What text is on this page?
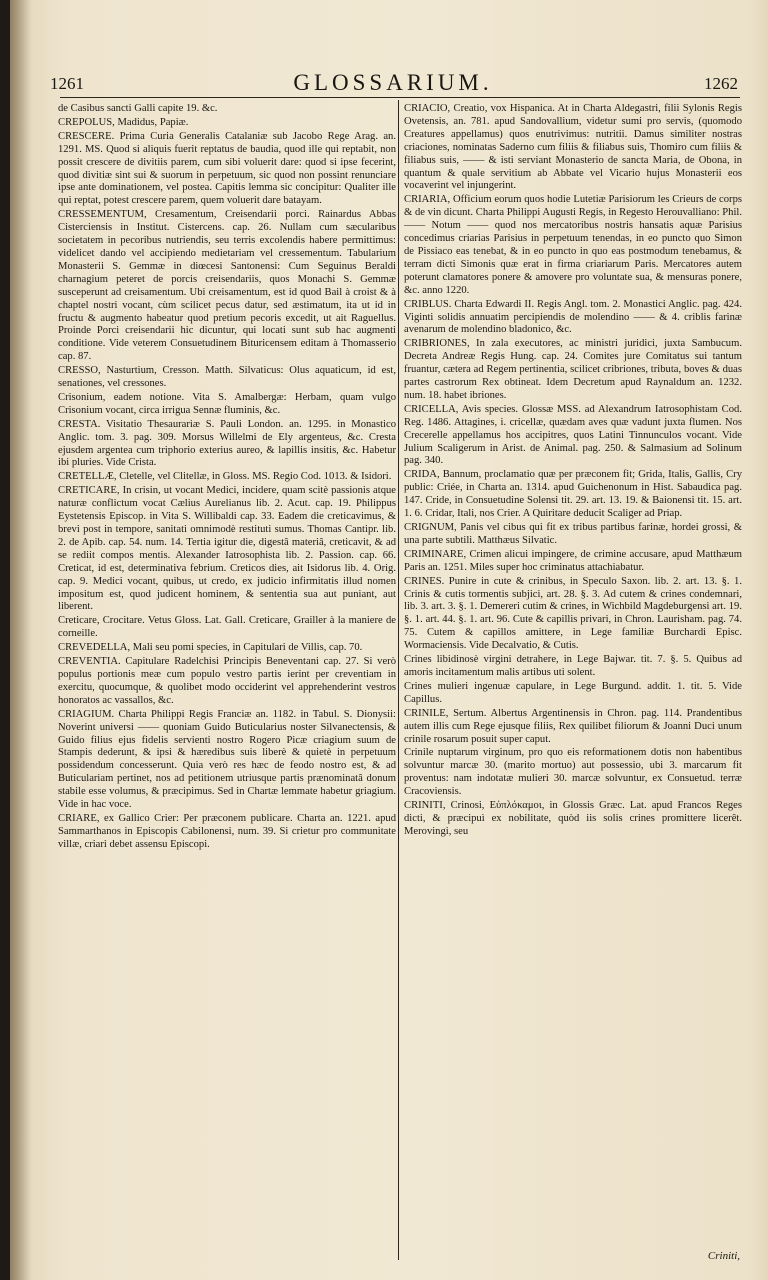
1261	GLOSSARIUM.	1262

de Casibus sancti Galli capite 19. &c.

CREPOLUS, Madidus, Papiæ.

CRESCERE. Prima Curia Generalis Catalaniæ sub Jacobo Rege Arag. an. 1291. MS. Quod si aliquis fuerit reptatus de baudia, quod ille qui reptabit, non possit crescere de divitiis parem, cum sibi voluerit dare: quod si ipse fecerint, quod divitiæ sint sui & suorum in perpetuum, sic quod non possint renunciare ipse ante dominationem, vel postea. Capitis lemma sic concipitur: Qualiter ille qui reptat, potest crescere parem, quem voluerit dare batayam.

CRESSEMENTUM, Cresamentum, Creisendarii porci. Rainardus Abbas Cisterciensis in Institut. Cistercens. cap. 26. Nullam cum sæcularibus societatem in pecoribus nutriendis, seu terris excolendis habere permittimus: videlicet dando vel accipiendo medietariam vel cressementum. Tabularium Monasterii S. Gemmæ in diœcesi Santonensi: Cum Seguinus Beraldi charnagium peteret de porcis creisendariis, quos Monachi S. Gemmæ susceperunt ad creisamentum. Ubi creisamentum, est id quod Bail à croist & à chaptel nostri vocant, cùm scilicet pecus datur, sed æstimatum, ita ut id in fructu & augmento habeatur quod pretium pecoris excedit, ut ait Raguellus. Proinde Porci creisendarii hic dicuntur, qui locati sunt sub hac augmenti conditione. Vide veterem Consuetudinem Bituricensem editam à Thomasserio cap. 87.

CRESSO, Nasturtium, Cresson. Matth. Silvaticus: Olus aquaticum, id est, senationes, vel cressones.

Crisonium, eadem notione. Vita S. Amalbergæ: Herbam, quam vulgo Crisonium vocant, circa irrigua Sennæ fluminis, &c.

CRESTA. Visitatio Thesaurariæ S. Pauli London. an. 1295. in Monastico Anglic. tom. 3. pag. 309. Morsus Willelmi de Ely argenteus, &c. Cresta ejusdem argentea cum triphorio exterius aureo, & lapillis insitis, &c. Habetur ibi pluries. Vide Crista.

CRETELLÆ, Cletelle, vel Clitellæ, in Gloss. MS. Regio Cod. 1013. & Isidori.

CRETICARE, In crisin, ut vocant Medici, incidere, quam scitè passionis atque naturæ conflictum vocat Cælius Aurelianus lib. 2. Acut. cap. 19. Philippus Eystetensis Episcop. in Vita S. Willibaldi cap. 33. Eadem die creticavimus, & brevi post in tempore, sanitati omnimodè restituti sumus. Thomas Cantipr. lib. 2. de Apib. cap. 54. num. 14. Tertia igitur die, digestâ materiâ, creticavit, & ad se rediit compos mentis. Alexander Iatrosophista lib. 2. Passion. cap. 66. Creticat, id est, determinativa febrium. Creticos dies, ait Isidorus lib. 4. Orig. cap. 9. Medici vocant, quibus, ut credo, ex judicio infirmitatis illud nomen impositum est, quod judicent hominem, & sententia sua aut puniant, aut liberent.

Creticare, Crocitare. Vetus Gloss. Lat. Gall. Creticare, Grailler à la maniere de corneille.

CREVEDELLA, Mali seu pomi species, in Capitulari de Villis, cap. 70.

CREVENTIA. Capitulare Radelchisi Principis Beneventani cap. 27. Si verò populus portionis meæ cum populo vestro partis ierint per creventiam in exercitu, quocumque, & quolibet modo occiderint vel apprehenderint vestros honoratos ac vassallos, &c.

CRIAGIUM. Charta Philippi Regis Franciæ an. 1182. in Tabul. S. Dionysii: Noverint universi —— quoniam Guido Buticularius noster Silvanectensis, & Guido filius ejus fidelis servienti nostro Rogero Picæ criagium suum de Stampis dederunt, & ipsi & hæredibus suis liberè & quietè in perpetuum possidendum concesserunt. Quia verò res hæc de feodo nostro est, & ad Buticulariam pertinet, nos ad petitionem utriusque partis prænominatâ donum stabile esse volumus, & præcipimus. Sed in Chartæ lemmate habetur griagium. Vide in hac voce.

CRIARE, ex Gallico Crier: Per præconem publicare. Charta an. 1221. apud Sammarthanos in Episcopis Cabilonensi, num. 39. Si crietur pro communitate villæ, criari debet assensu Episcopi.

CRIACIO, Creatio, vox Hispanica. At in Charta Aldegastri, filii Sylonis Regis Ovetensis, an. 781. apud Sandovallium, videtur sumi pro servis, (quomodo Creatures appellamus) quos enutrivimus: nutritii. Damus similiter nostras criaciones, nominatas Saderno cum filiis & filiabus suis, Thomiro cum filiis & filiabus suis, —— & isti serviant Monasterio de sancta Maria, de Obona, in quantum & quale servitium ab Abbate vel Vicario hujus Monasterii eos vocaverint vel injungerint.

CRIARIA, Officium eorum quos hodie Lutetiæ Parisiorum les Crieurs de corps & de vin dicunt. Charta Philippi Augusti Regis, in Regesto Herouvalliano: Phil. —— Notum —— quod nos mercatoribus nostris hansatis aquæ Parisius concedimus criarias Parisius in perpetuum tenendas, in eo puncto quo Simon de Pissiaco eas tenebat, & in eo puncto in quo eas postmodum tenebamus, & terram dicti Simonis quæ erat in firma criariarum Paris. Mercatores autem poterunt clamatores ponere & amovere pro voluntate sua, & mensuras ponere, &c. anno 1220.

CRIBLUS. Charta Edwardi II. Regis Angl. tom. 2. Monastici Anglic. pag. 424. Viginti solidis annuatim percipiendis de molendino —— & 4. criblis farinæ avenarum de molendino bladonico, &c.

CRIBRIONES, In zala executores, ac ministri juridici, juxta Sambucum. Decreta Andreæ Regis Hung. cap. 24. Comites jure Comitatus sui tantum fruantur, cætera ad Regem pertinentia, scilicet cribriones, tributa, boves & duas partes castrorum Rex obtineat. Idem Decretum apud Raynaldum an. 1232. num. 18. habet ibriones.

CRICELLA, Avis species. Glossæ MSS. ad Alexandrum Iatrosophistam Cod. Reg. 1486. Attagines, i. cricellæ, quædam aves quæ vadunt juxta flumen. Nos Crecerelle appellamus hos accipitres, quos Latini Tinnunculos vocant. Vide Julium Scaligerum in Arist. de Animal. pag. 250. & Salmasium ad Solinum pag. 340.

CRIDA, Bannum, proclamatio quæ per præconem fit; Grida, Italis, Gallis, Cry public: Criée, in Charta an. 1314. apud Guichenonum in Hist. Sabaudica pag. 147. Cride, in Consuetudine Solensi tit. 29. art. 13. 19. & Baionensi tit. 15. art. 1. 6. Cridar, Itali, nos Crier. A Quiritare deducit Scaliger ad Priap.

CRIGNUM, Panis vel cibus qui fit ex tribus partibus farinæ, hordei grossi, & una parte subtili. Matthæus Silvatic.

CRIMINARE, Crimen alicui impingere, de crimine accusare, apud Matthæum Paris an. 1251. Miles super hoc criminatus attachiabatur.

CRINES. Punire in cute & crinibus, in Speculo Saxon. lib. 2. art. 13. §. 1. Crinis & cutis tormentis subjici, art. 28. §. 3. Ad cutem & crines condemnari, lib. 3. art. 3. §. 1. Demereri cutim & crines, in Wichbild Magdeburgensi art. 19. §. 1. art. 44. §. 1. art. 96. Cute & capillis privari, in Chron. Laurisham. pag. 74. 75. Cutem & capillos amittere, in Lege familiæ Burchardi Episc. Wormaciensis. Vide Decalvatio, & Cutis.

Crines libidinosè virgini detrahere, in Lege Bajwar. tit. 7. §. 5. Quibus ad amoris incitamentum malis artibus uti solent.

Crines mulieri ingenuæ capulare, in Lege Burgund. addit. 1. tit. 5. Vide Capillus.

CRINILE, Sertum. Albertus Argentinensis in Chron. pag. 114. Prandentibus autem illis cum Rege ejusque filiis, Rex quilibet filiorum & Joanni Duci unum crinile rosarum posuit super caput.

Crinile nuptarum virginum, pro quo eis reformationem dotis non habentibus solvuntur marcæ 30. (marito mortuo) aut possessio, ubi 3. marcarum fit proventus: nam indotatæ mulieri 30. marcæ solvuntur, ex Consuetud. terræ Cracoviensis.

CRINITI, Crinosi, Εὐπλόκαμοι, in Glossis Græc. Lat. apud Francos Reges dicti, & præcipuì ex nobilitate, quòd iis solis crines promittere licerêt. Merovingi, seu

Criniti,
